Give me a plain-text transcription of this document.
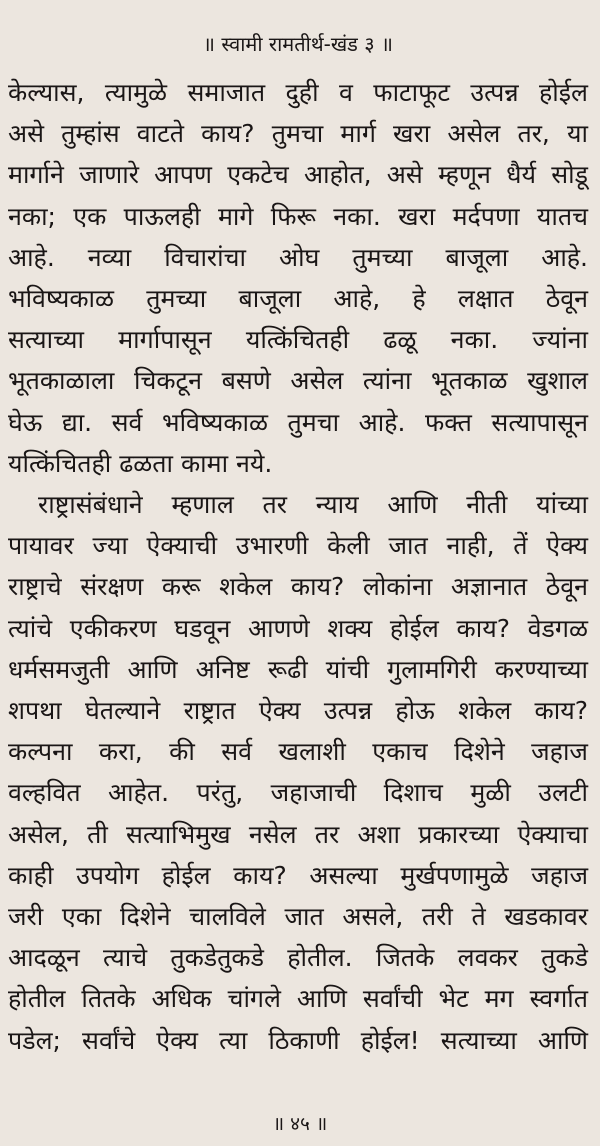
॥ स्वामी रामतीर्थ-खंड ३ ॥

केल्यास, त्यामुळे समाजात दुही व फाटाफूट उत्पन्न होईल

असे तुम्हांस वाटते काय? तुमचा मार्ग खरा असेल तर, या

मार्गाने जाणारे आपण एकटेच आहोत, असे म्हणून धैर्य सोडू

नका; एक पाऊलही मागे फिरू नका. खरा मर्दपणा यातच

आहे. नव्या विचारांचा ओघ तुमच्या बाजूला आहे.

भविष्यकाळ तुमच्या बाजूला आहे, हे लक्षात ठेवून

सत्याच्या मार्गापासून यत्किंचितही ढळू नका. ज्यांना

भूतकाळाला चिकटून बसणे असेल त्यांना भूतकाळ खुशाल

घेऊ द्या. सर्व भविष्यकाळ तुमचा आहे. फक्त सत्यापासून

यत्किंचितही ढळता कामा नये.

राष्ट्रासंबंधाने म्हणाल तर न्याय आणि नीती यांच्या

पायावर ज्या ऐक्याची उभारणी केली जात नाही, तें ऐक्य

राष्ट्राचे संरक्षण करू शकेल काय? लोकांना अज्ञानात ठेवून

त्यांचे एकीकरण घडवून आणणे शक्य होईल काय? वेडगळ

धर्मसमजुती आणि अनिष्ट रूढी यांची गुलामगिरी करण्याच्या

शपथा घेतल्याने राष्ट्रात ऐक्य उत्पन्न होऊ शकेल काय?

कल्पना करा, की सर्व खलाशी एकाच दिशेने जहाज

वल्हवित आहेत. परंतु, जहाजाची दिशाच मुळी उलटी

असेल, ती सत्याभिमुख नसेल तर अशा प्रकारच्या ऐक्याचा

काही उपयोग होईल काय? असल्या मुर्खपणामुळे जहाज

जरी एका दिशेने चालविले जात असले, तरी ते खडकावर

आदळून त्याचे तुकडेतुकडे होतील. जितके लवकर तुकडे

होतील तितके अधिक चांगले आणि सर्वांची भेट मग स्वर्गात

पडेल; सर्वांचे ऐक्य त्या ठिकाणी होईल! सत्याच्या आणि

॥ ४५ ॥
